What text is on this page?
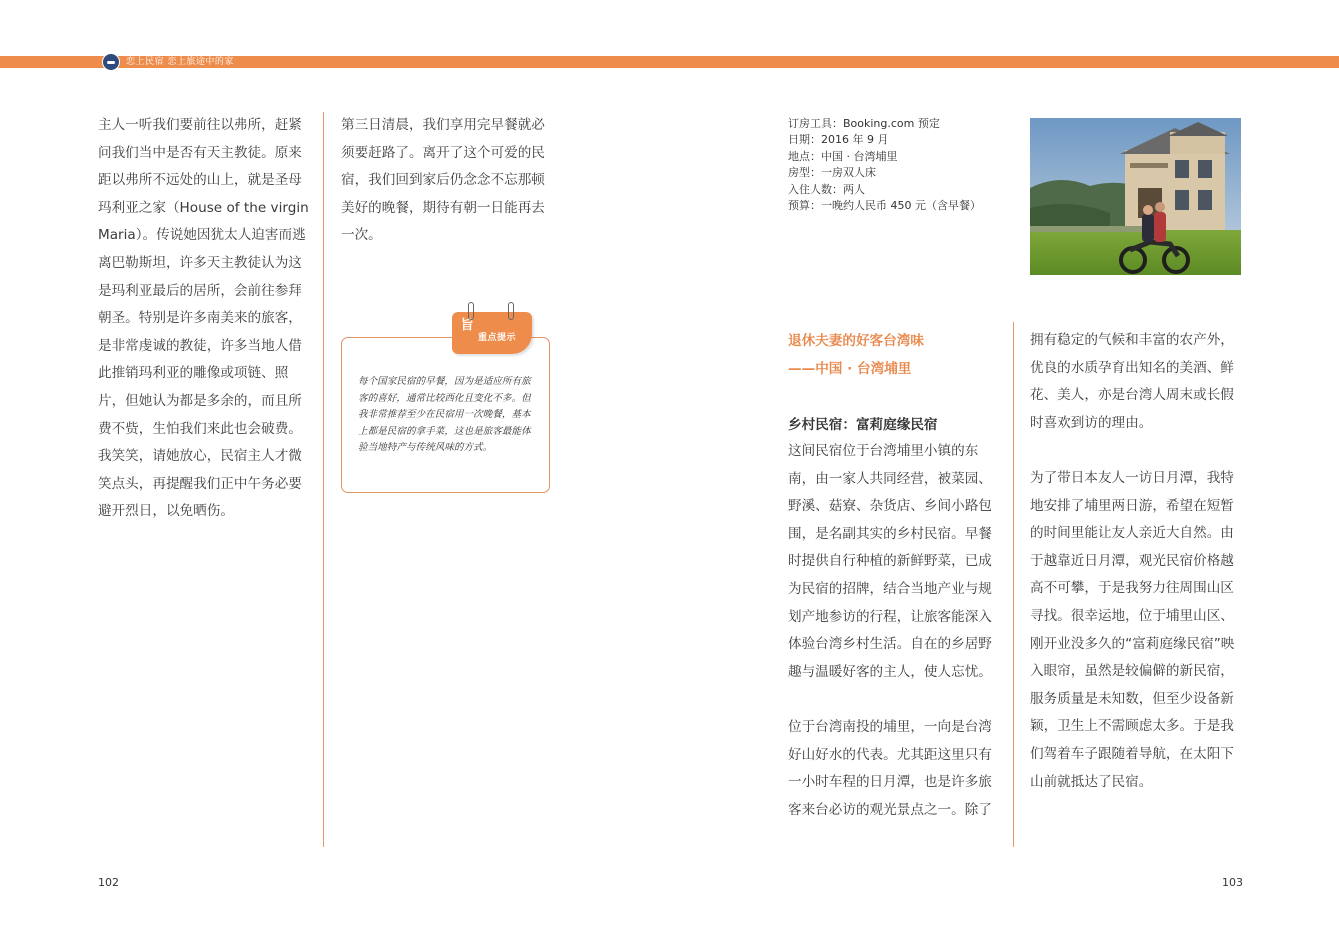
恋上民宿 恋上旅途中的家

主人一听我们要前往以弗所，赶紧问我们当中是否有天主教徒。原来距以弗所不远处的山上，就是圣母玛利亚之家（House of the virgin Maria）。传说她因犹太人迫害而逃离巴勒斯坦，许多天主教徒认为这是玛利亚最后的居所，会前往参拜朝圣。特别是许多南美来的旅客，是非常虔诚的教徒，许多当地人借此推销玛利亚的雕像或项链、照片，但她认为都是多余的，而且所费不赀，生怕我们来此也会破费。我笑笑，请她放心，民宿主人才微笑点头，再提醒我们正中午务必要避开烈日，以免晒伤。

第三日清晨，我们享用完早餐就必须要赶路了。离开了这个可爱的民宿，我们回到家后仍念念不忘那顿美好的晚餐，期待有朝一日能再去一次。

旨
重点提示

每个国家民宿的早餐，因为是适应所有旅客的喜好，通常比较西化且变化不多。但我非常推荐至少在民宿用一次晚餐，基本上都是民宿的拿手菜，这也是旅客最能体验当地特产与传统风味的方式。

102
订房工具：Booking.com 预定
日期：2016 年 9 月
地点：中国 · 台湾埔里
房型：一房双人床
入住人数：两人
预算：一晚约人民币 450 元（含早餐）
退休夫妻的好客台湾味
——中国 · 台湾埔里
乡村民宿：富莉庭缘民宿

这间民宿位于台湾埔里小镇的东南，由一家人共同经营，被菜园、野溪、菇寮、杂货店、乡间小路包围，是名副其实的乡村民宿。早餐时提供自行种植的新鲜野菜，已成为民宿的招牌，结合当地产业与规划产地参访的行程，让旅客能深入体验台湾乡村生活。自在的乡居野趣与温暖好客的主人，使人忘忧。

位于台湾南投的埔里，一向是台湾好山好水的代表。尤其距这里只有一小时车程的日月潭，也是许多旅客来台必访的观光景点之一。除了

拥有稳定的气候和丰富的农产外，优良的水质孕育出知名的美酒、鲜花、美人，亦是台湾人周末或长假时喜欢到访的理由。

为了带日本友人一访日月潭，我特地安排了埔里两日游，希望在短暂的时间里能让友人亲近大自然。由于越靠近日月潭，观光民宿价格越高不可攀，于是我努力往周围山区寻找。很幸运地，位于埔里山区、刚开业没多久的“富莉庭缘民宿”映入眼帘，虽然是较偏僻的新民宿，服务质量是未知数，但至少设备新颖，卫生上不需顾虑太多。于是我们驾着车子跟随着导航，在太阳下山前就抵达了民宿。

103
